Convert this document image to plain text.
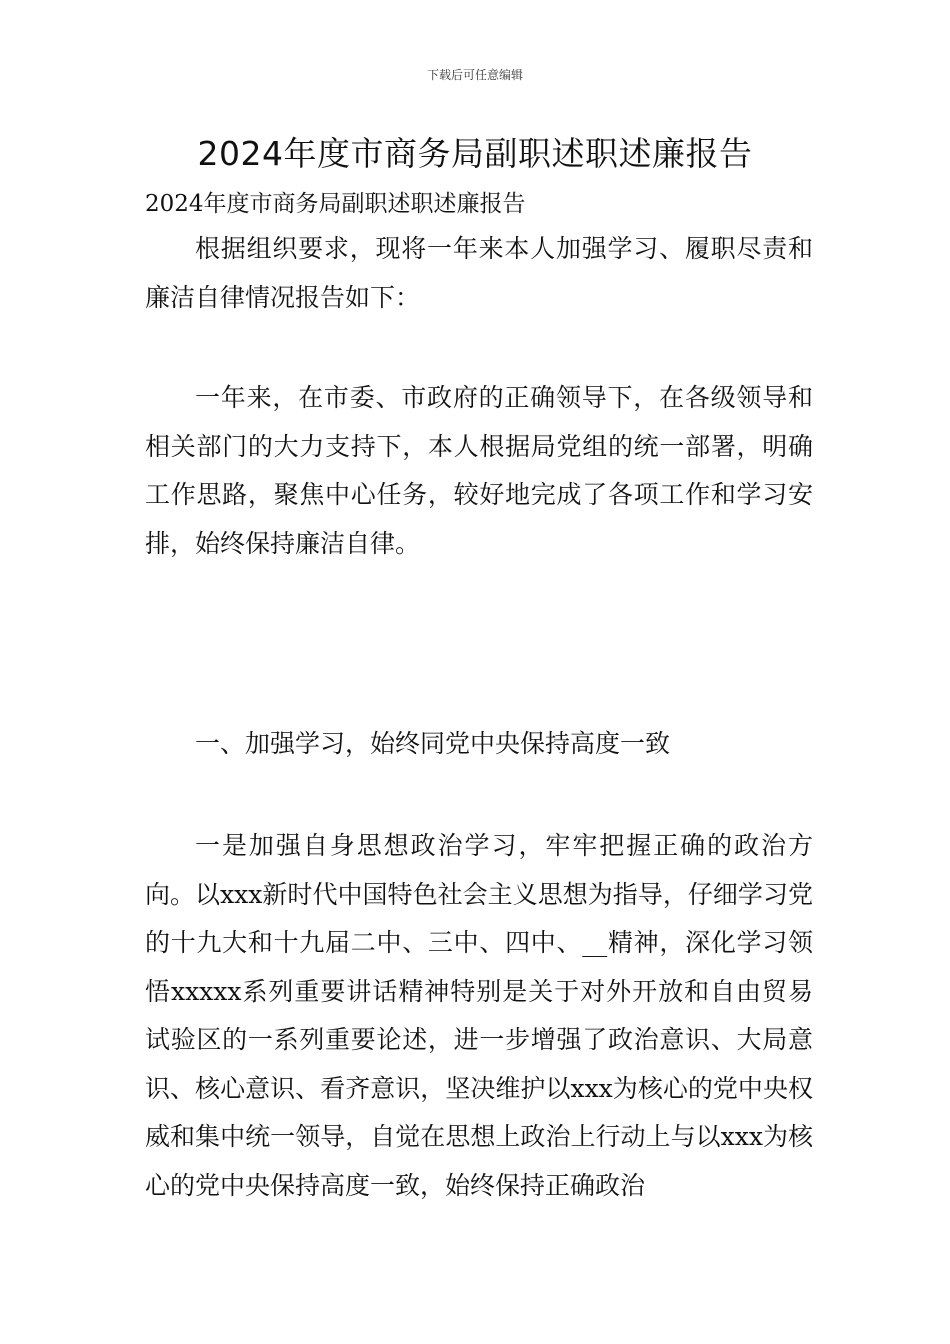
下载后可任意编辑
2024年度市商务局副职述职述廉报告

2024年度市商务局副职述职述廉报告

根据组织要求，现将一年来本人加强学习、履职尽责和廉洁自律情况报告如下：

一年来，在市委、市政府的正确领导下，在各级领导和相关部门的大力支持下，本人根据局党组的统一部署，明确工作思路，聚焦中心任务，较好地完成了各项工作和学习安排，始终保持廉洁自律。

一、加强学习，始终同党中央保持高度一致

一是加强自身思想政治学习，牢牢把握正确的政治方向。以xxx新时代中国特色社会主义思想为指导，仔细学习党的十九大和十九届二中、三中、四中、__精神，深化学习领悟xxxxx系列重要讲话精神特别是关于对外开放和自由贸易试验区的一系列重要论述，进一步增强了政治意识、大局意识、核心意识、看齐意识，坚决维护以xxx为核心的党中央权威和集中统一领导，自觉在思想上政治上行动上与以xxx为核心的党中央保持高度一致，始终保持正确政治
